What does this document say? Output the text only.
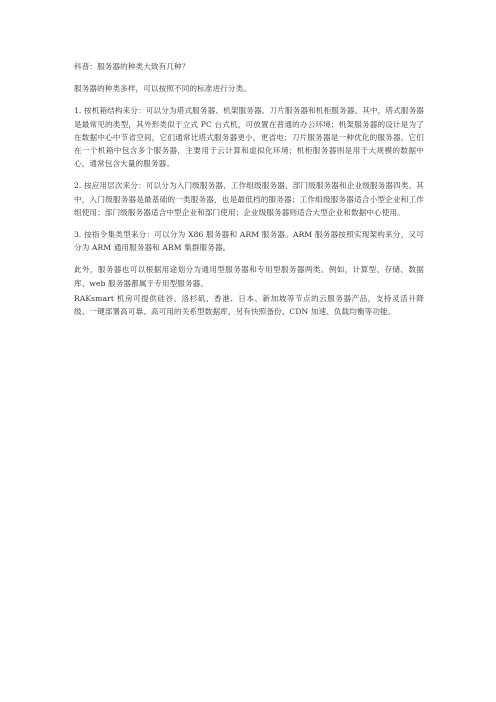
科普：服务器的种类大致有几种？

服务器的种类多样，可以按照不同的标准进行分类。

1. 按机箱结构来分：可以分为塔式服务器、机架服务器、刀片服务器和机柜服务器。其中，塔式服务器是最常见的类型，其外形类似于立式 PC 台式机，可放置在普通的办公环境；机架服务器的设计是为了在数据中心中节省空间，它们通常比塔式服务器更小，更省电；刀片服务器是一种优化的服务器，它们在一个机箱中包含多个服务器，主要用于云计算和虚拟化环境；机柜服务器则是用于大规模的数据中心，通常包含大量的服务器。

2. 按应用层次来分：可以分为入门级服务器、工作组级服务器、部门级服务器和企业级服务器四类。其中，入门级服务器是最基础的一类服务器，也是最低档的服务器；工作组级服务器适合小型企业和工作组使用；部门级服务器适合中型企业和部门使用；企业级服务器则适合大型企业和数据中心使用。

3. 按指令集类型来分：可以分为 X86 服务器和 ARM 服务器。ARM 服务器按照实现架构来分，又可分为 ARM 通用服务器和 ARM 集群服务器。

此外，服务器也可以根据用途划分为通用型服务器和专用型服务器两类。例如，计算型、存储、数据库、web 服务器都属于专用型服务器。

RAKsmart 机房可提供硅谷、洛杉矶、香港、日本、新加坡等节点的云服务器产品，支持灵活升降级、一键部署高可靠、高可用的关系型数据库，另有快照备份、CDN 加速、负载均衡等功能。
